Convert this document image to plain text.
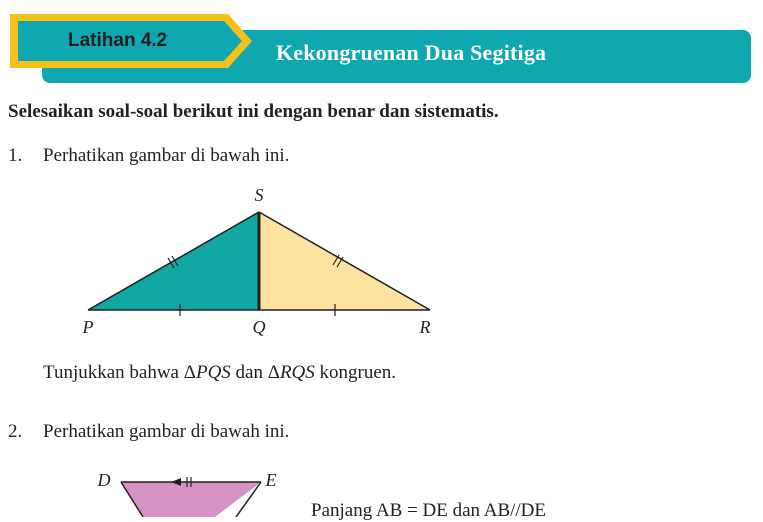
Latihan 4.2	Kekongruenan Dua Segitiga
Selesaikan soal-soal berikut ini dengan benar dan sistematis.
1. Perhatikan gambar di bawah ini.
S
P	Q	R
D	E
Tunjukkan bahwa ΔPQS dan ΔRQS kongruen.
2. Perhatikan gambar di bawah ini.
Panjang AB = DE dan AB//DE
